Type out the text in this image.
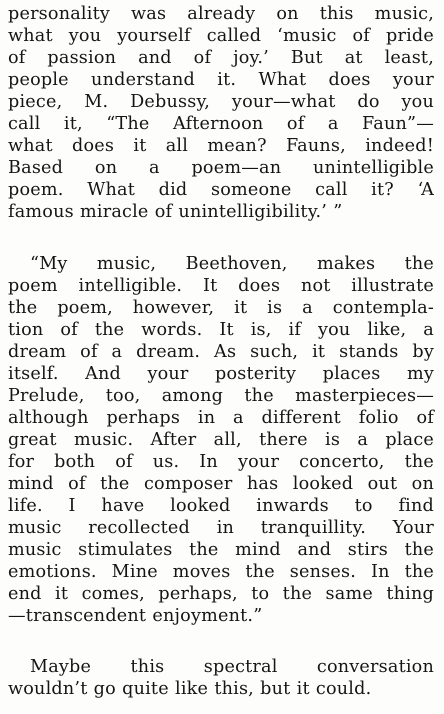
personality was already on this music,
what you yourself called ‘music of pride
of passion and of joy.’ But at least,
people understand it. What does your
piece, M. Debussy, your—what do you
call it, “The Afternoon of a Faun”—
what does it all mean? Fauns, indeed!
Based on a poem—an unintelligible
poem. What did someone call it? ‘A
famous miracle of unintelligibility.’ ”
“My music, Beethoven, makes the
poem intelligible. It does not illustrate
the poem, however, it is a contempla-
tion of the words. It is, if you like, a
dream of a dream. As such, it stands by
itself. And your posterity places my
Prelude, too, among the masterpieces—
although perhaps in a different folio of
great music. After all, there is a place
for both of us. In your concerto, the
mind of the composer has looked out on
life. I have looked inwards to find
music recollected in tranquillity. Your
music stimulates the mind and stirs the
emotions. Mine moves the senses. In the
end it comes, perhaps, to the same thing
—transcendent enjoyment.”
Maybe this spectral conversation
wouldn’t go quite like this, but it could.
